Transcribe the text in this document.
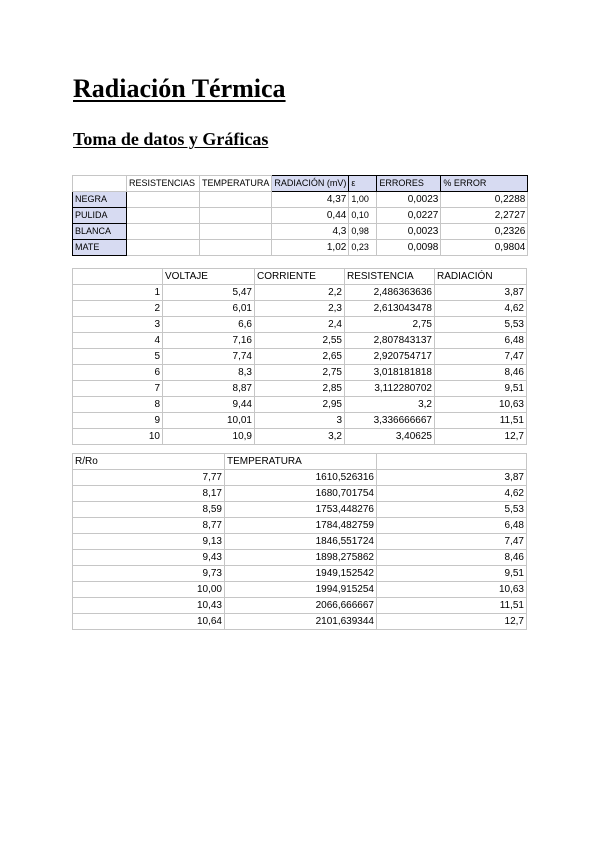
Radiación Térmica
Toma de datos y Gráficas
	RESISTENCIAS	TEMPERATURA	RADIACIÓN (mV)	ε	ERRORES	% ERROR
NEGRA			4,37	1,00	0,0023	0,2288
PULIDA			0,44	0,10	0,0227	2,2727
BLANCA			4,3	0,98	0,0023	0,2326
MATE			1,02	0,23	0,0098	0,9804
	VOLTAJE	CORRIENTE	RESISTENCIA	RADIACIÓN
1	5,47	2,2	2,486363636	3,87
2	6,01	2,3	2,613043478	4,62
3	6,6	2,4	2,75	5,53
4	7,16	2,55	2,807843137	6,48
5	7,74	2,65	2,920754717	7,47
6	8,3	2,75	3,018181818	8,46
7	8,87	2,85	3,112280702	9,51
8	9,44	2,95	3,2	10,63
9	10,01	3	3,336666667	11,51
10	10,9	3,2	3,40625	12,7
R/Ro	TEMPERATURA	
7,77	1610,526316	3,87
8,17	1680,701754	4,62
8,59	1753,448276	5,53
8,77	1784,482759	6,48
9,13	1846,551724	7,47
9,43	1898,275862	8,46
9,73	1949,152542	9,51
10,00	1994,915254	10,63
10,43	2066,666667	11,51
10,64	2101,639344	12,7
